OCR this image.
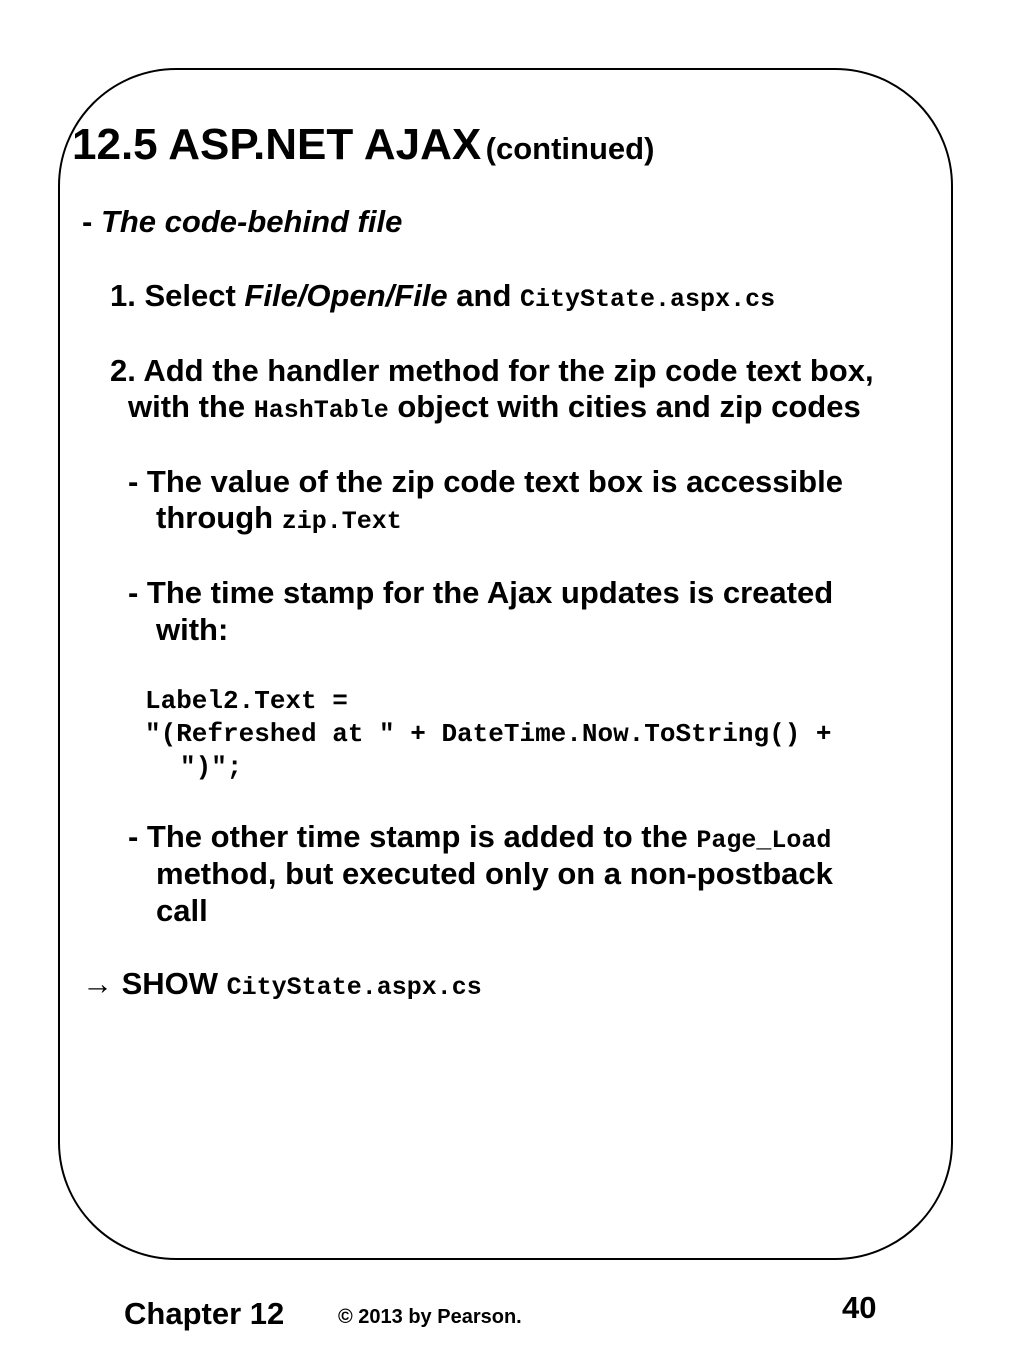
12.5 ASP.NET AJAX (continued)
- The code-behind file
1. Select File/Open/File and CityState.aspx.cs
2. Add the handler method for the zip code text box,
with the HashTable object with cities and zip codes
- The value of the zip code text box is accessible
through zip.Text
- The time stamp for the Ajax updates is created
with:
Label2.Text =
"(Refreshed at " + DateTime.Now.ToString() +
")";
- The other time stamp is added to the Page_Load
method, but executed only on a non-postback
call
→ SHOW CityState.aspx.cs
Chapter 12	© 2013 by Pearson.	40
